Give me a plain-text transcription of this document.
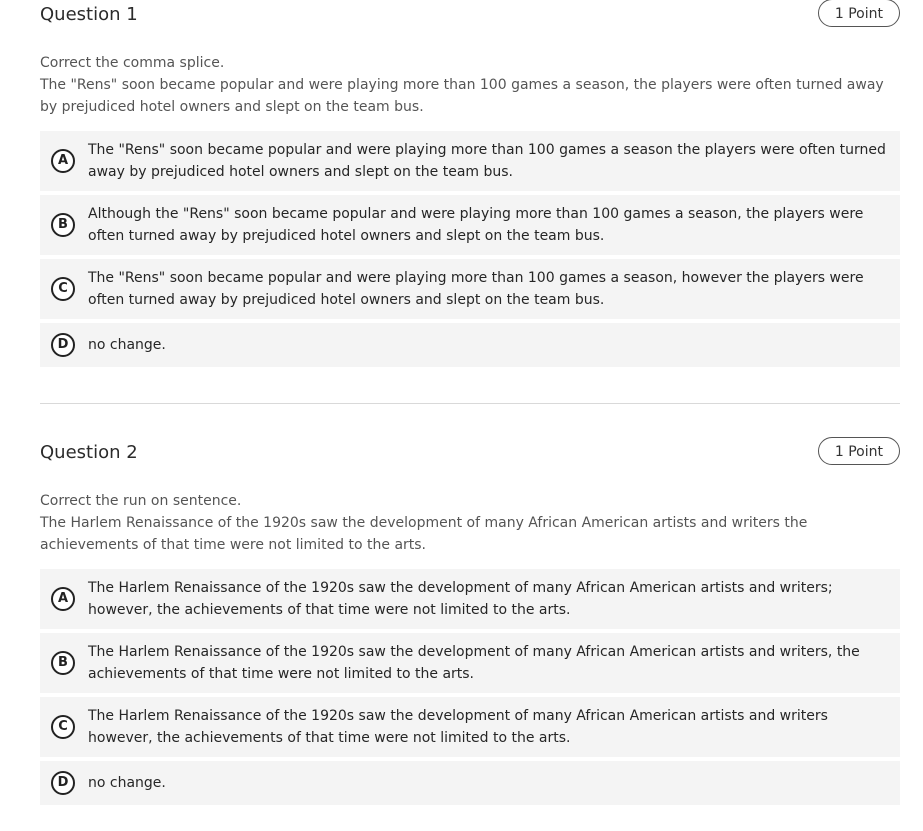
Question 1	1 Point

Correct the comma splice.

The "Rens" soon became popular and were playing more than 100 games a season, the players were often turned away by prejudiced hotel owners and slept on the team bus.

A
The "Rens" soon became popular and were playing more than 100 games a season the players were often turned away by prejudiced hotel owners and slept on the team bus.
B
Although the "Rens" soon became popular and were playing more than 100 games a season, the players were often turned away by prejudiced hotel owners and slept on the team bus.
C
The "Rens" soon became popular and were playing more than 100 games a season, however the players were often turned away by prejudiced hotel owners and slept on the team bus.
D	no change.
Question 2	1 Point

Correct the run on sentence.

The Harlem Renaissance of the 1920s saw the development of many African American artists and writers the achievements of that time were not limited to the arts.

A
The Harlem Renaissance of the 1920s saw the development of many African American artists and writers; however, the achievements of that time were not limited to the arts.
B
The Harlem Renaissance of the 1920s saw the development of many African American artists and writers, the achievements of that time were not limited to the arts.
C
The Harlem Renaissance of the 1920s saw the development of many African American artists and writers however, the achievements of that time were not limited to the arts.
D	no change.
